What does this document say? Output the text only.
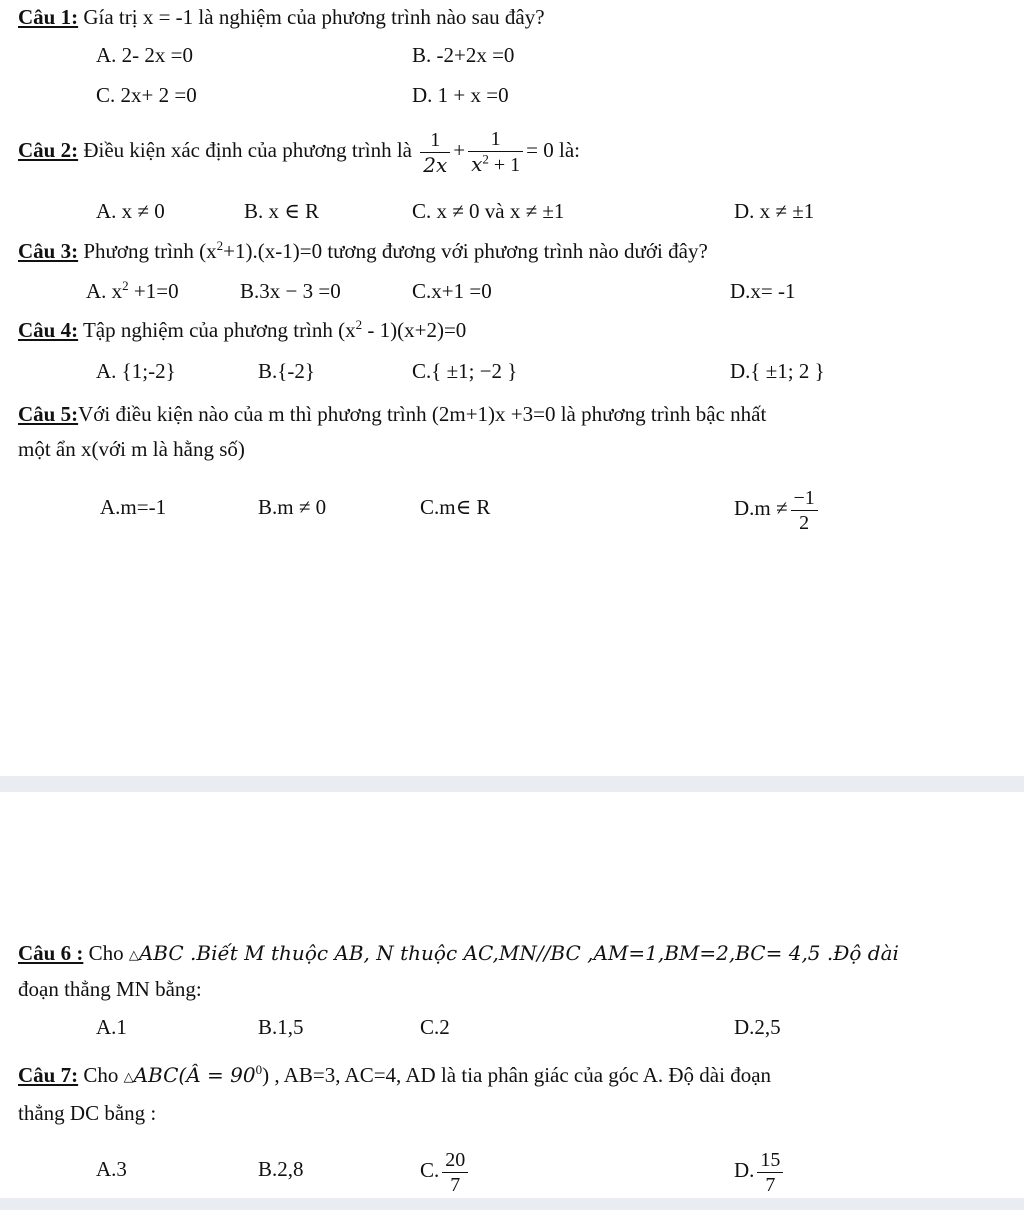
Câu 1: Gía trị x = -1 là nghiệm của phương trình nào sau đây?
A. 2- 2x =0	B. -2+2x =0
C. 2x+ 2 =0	D. 1 + x =0
Câu 2: Điều kiện xác định của phương trình là $\frac{1}{2x} + \frac{1}{x^2 + 1} = 0$ là:
A. x ≠ 0	B. x ∈ R	C. x ≠ 0 và x ≠ ±1	D. x ≠ ±1
Câu 3: Phương trình $(x^2+1).(x-1)=0$ tương đương với phương trình nào dưới đây?
A. $x^2 +1=0$	B.3x − 3 =0	C.x+1 =0	D.x= -1
Câu 4: Tập nghiệm của phương trình $(x^2 - 1)(x+2)=0$
A. {1;-2}	B.{-2}	C.{ ±1; −2 }	D.{ ±1; 2 }
Câu 5:Với điều kiện nào của m thì phương trình (2m+1)x +3=0 là phương trình bậc nhất
một ẩn x(với m là hằng số)
A.m=-1	B.m ≠ 0	C.m∈ R	$D.m \ne \frac{-1}{2}$
Câu 6 : Cho △ABC .Biết M thuộc AB, N thuộc AC,MN//BC ,AM=1,BM=2,BC= 4,5 .Độ dài
đoạn thẳng MN bằng:
A.1	B.1,5	C.2	D.2,5
Câu 7: Cho △ABC(Â = $90^0$) , AB=3, AC=4, AD là tia phân giác của góc A. Độ dài đoạn
thẳng DC bằng :
A.3	B.2,8	C. $\frac{20}{7}$	D. $\frac{15}{7}$
